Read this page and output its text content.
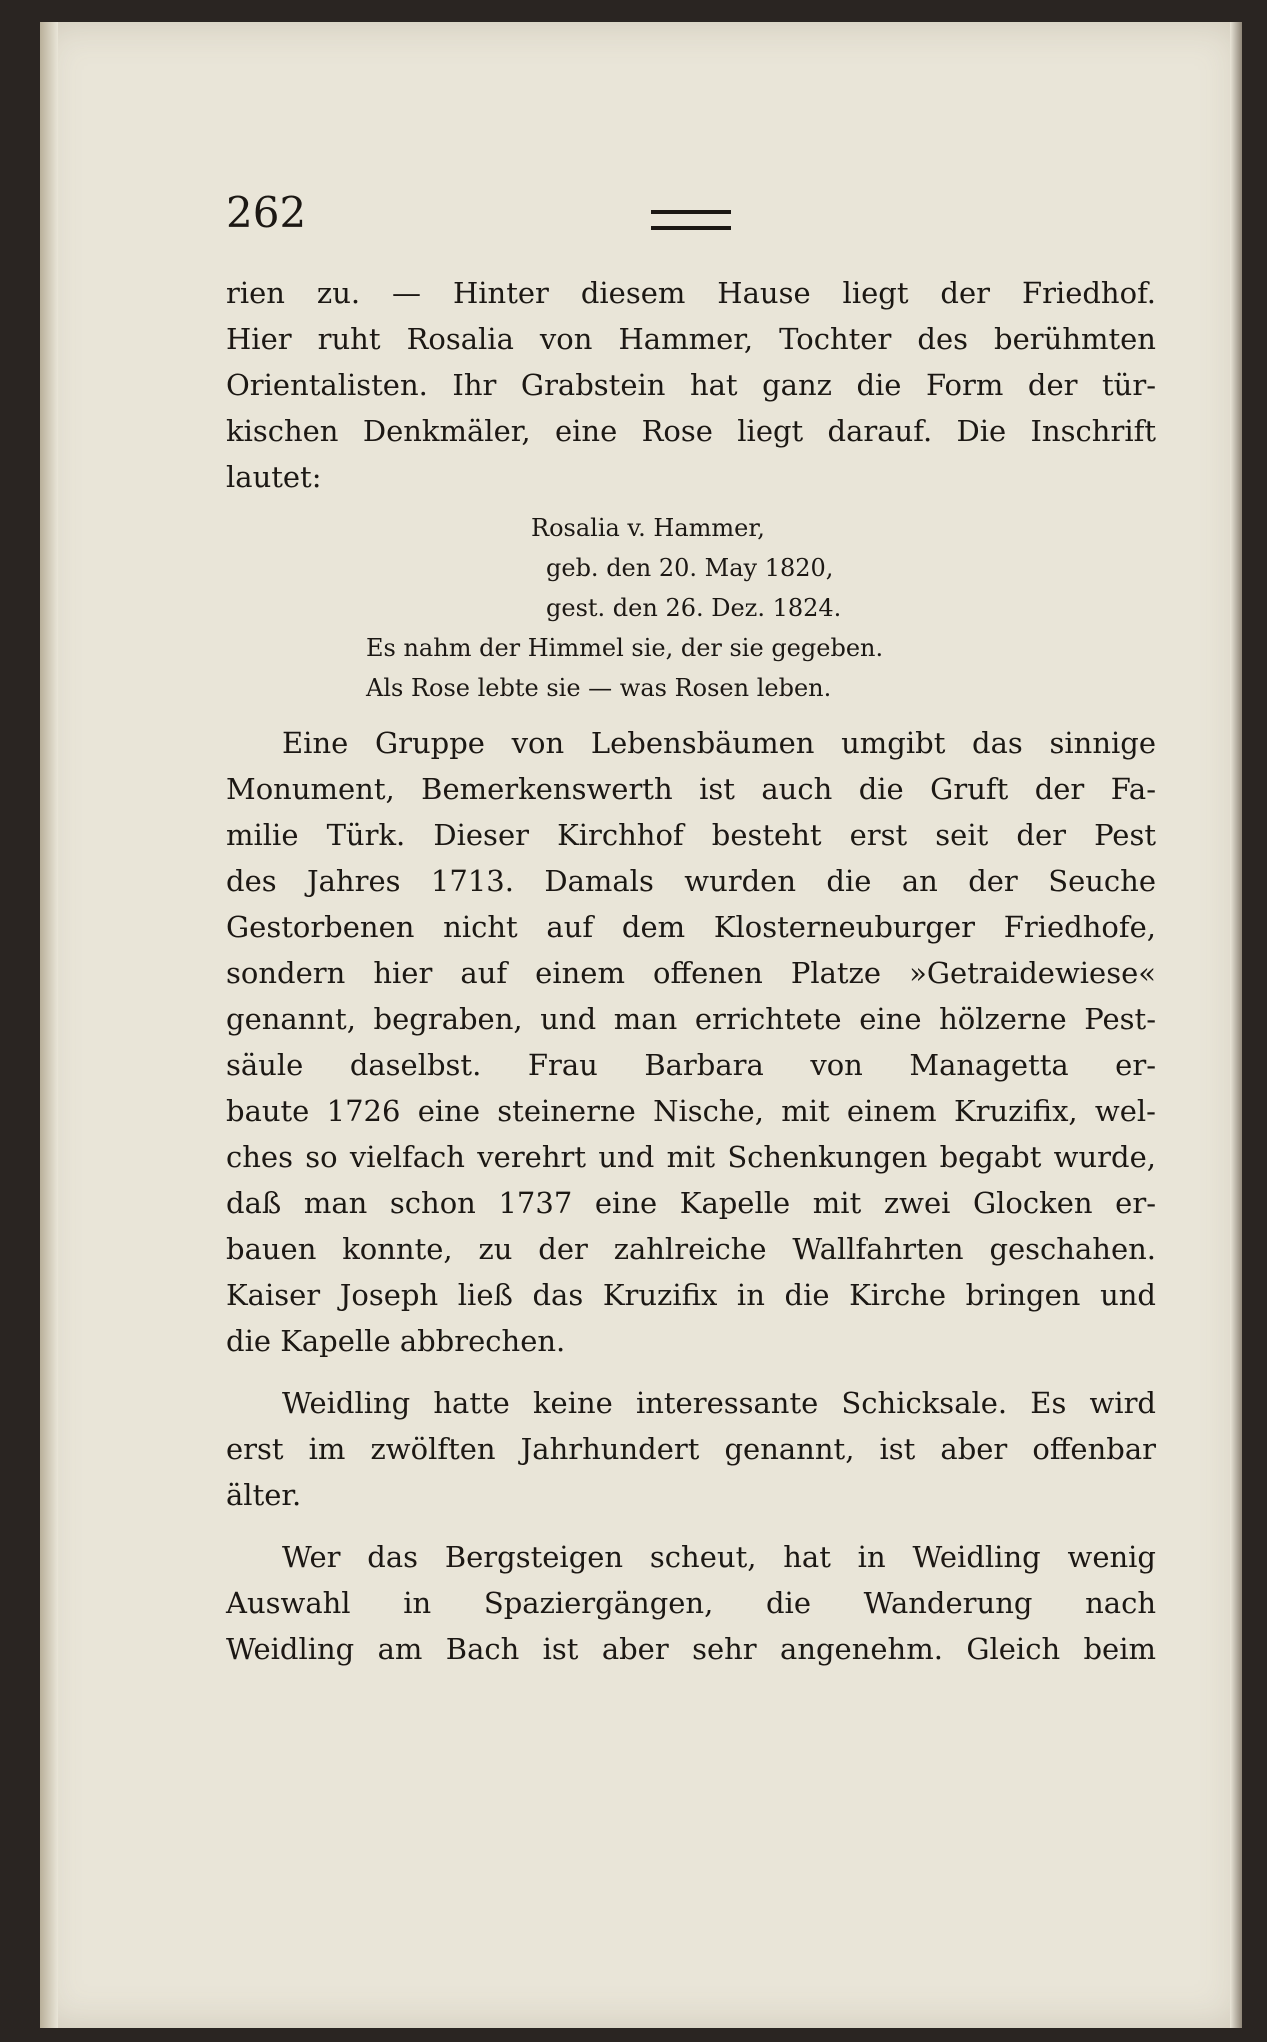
262
rien zu. — Hinter diesem Hause liegt der Friedhof.
Hier ruht Rosalia von Hammer, Tochter des berühmten
Orientalisten. Ihr Grabstein hat ganz die Form der tür-
kischen Denkmäler, eine Rose liegt darauf. Die Inschrift
lautet:
Rosalia v. Hammer,
geb. den 20. May 1820,
gest. den 26. Dez. 1824.
Es nahm der Himmel sie, der sie gegeben.
Als Rose lebte sie — was Rosen leben.
Eine Gruppe von Lebensbäumen umgibt das sinnige
Monument, Bemerkenswerth ist auch die Gruft der Fa-
milie Türk. Dieser Kirchhof besteht erst seit der Pest
des Jahres 1713. Damals wurden die an der Seuche
Gestorbenen nicht auf dem Klosterneuburger Friedhofe,
sondern hier auf einem offenen Platze »Getraidewiese«
genannt, begraben, und man errichtete eine hölzerne Pest-
säule daselbst. Frau Barbara von Managetta er-
baute 1726 eine steinerne Nische, mit einem Kruzifix, wel-
ches so vielfach verehrt und mit Schenkungen begabt wurde,
daß man schon 1737 eine Kapelle mit zwei Glocken er-
bauen konnte, zu der zahlreiche Wallfahrten geschahen.
Kaiser Joseph ließ das Kruzifix in die Kirche bringen und
die Kapelle abbrechen.
Weidling hatte keine interessante Schicksale. Es wird
erst im zwölften Jahrhundert genannt, ist aber offenbar
älter.
Wer das Bergsteigen scheut, hat in Weidling wenig
Auswahl in Spaziergängen, die Wanderung nach
Weidling am Bach ist aber sehr angenehm. Gleich beim
